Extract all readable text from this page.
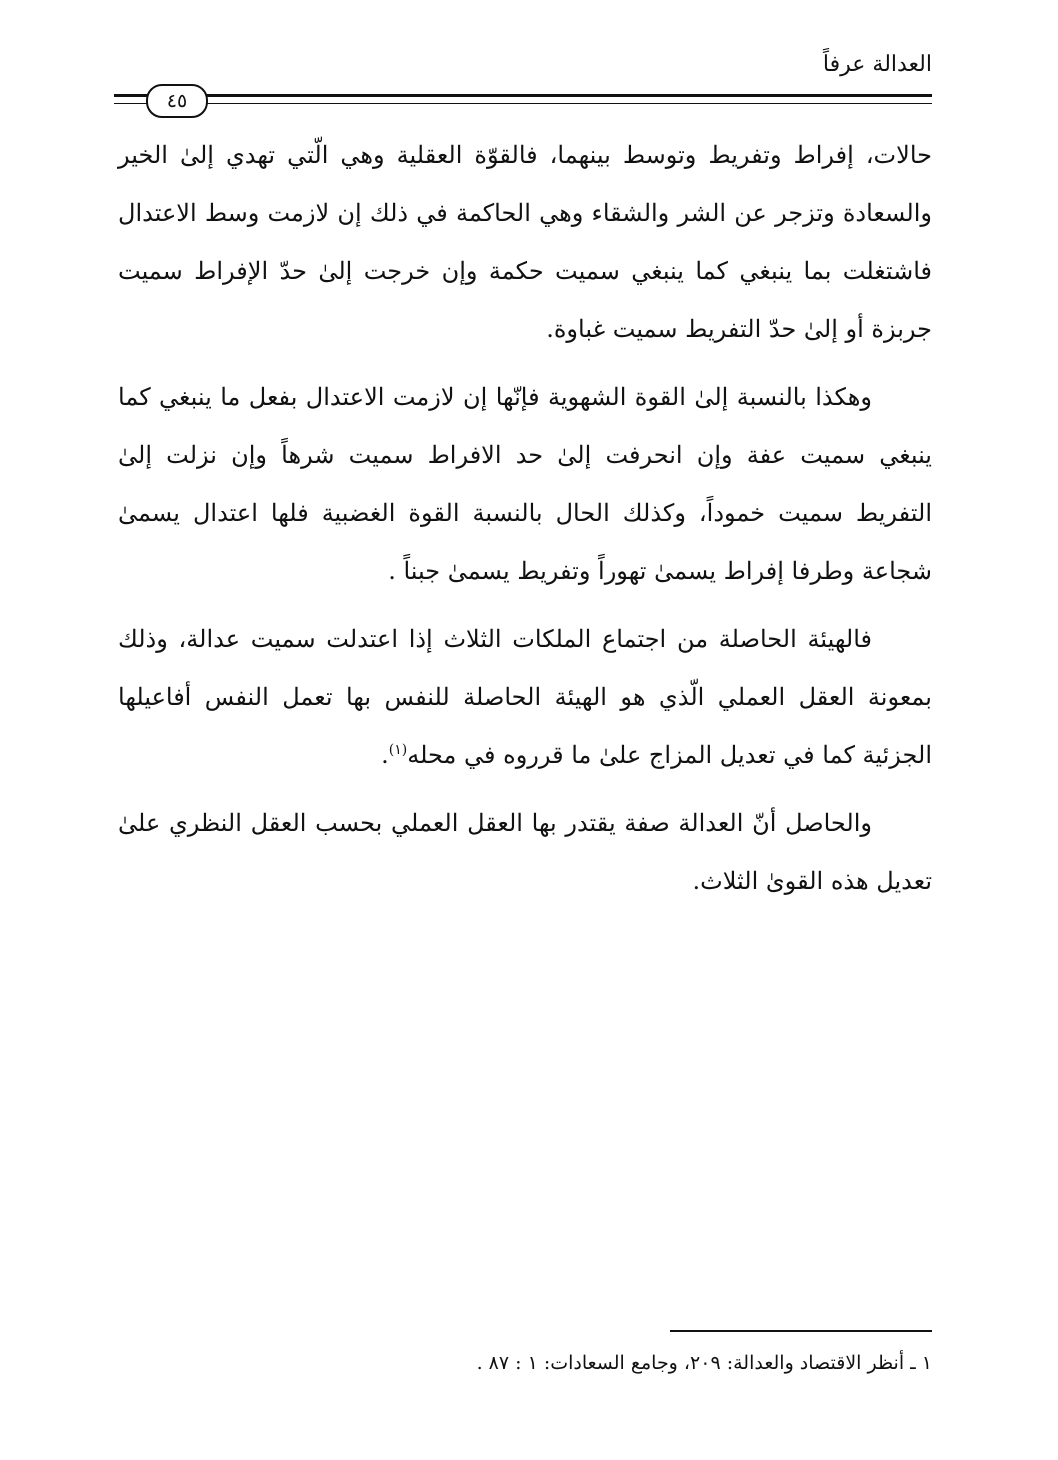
العدالة عرفاً
٤٥

حالات، إفراط وتفريط وتوسط بينهما، فالقوّة العقلية وهي الّتي تهدي إلىٰ الخير والسعادة وتزجر عن الشر والشقاء وهي الحاكمة في ذلك إن لازمت وسط الاعتدال فاشتغلت بما ينبغي كما ينبغي سميت حكمة وإن خرجت إلىٰ حدّ الإفراط سميت جربزة أو إلىٰ حدّ التفريط سميت غباوة.

وهكذا بالنسبة إلىٰ القوة الشهوية فإنّها إن لازمت الاعتدال بفعل ما ينبغي كما ينبغي سميت عفة وإن انحرفت إلىٰ حد الافراط سميت شرهاً وإن نزلت إلىٰ التفريط سميت خموداً، وكذلك الحال بالنسبة القوة الغضبية فلها اعتدال يسمىٰ شجاعة وطرفا إفراط يسمىٰ تهوراً وتفريط يسمىٰ جبناً .

فالهيئة الحاصلة من اجتماع الملكات الثلاث إذا اعتدلت سميت عدالة، وذلك بمعونة العقل العملي الّذي هو الهيئة الحاصلة للنفس بها تعمل النفس أفاعيلها الجزئية كما في تعديل المزاج علىٰ ما قرروه في محله$^{(١)}$.

والحاصل أنّ العدالة صفة يقتدر بها العقل العملي بحسب العقل النظري علىٰ تعديل هذه القوىٰ الثلاث.

١ ـ أنظر الاقتصاد والعدالة: ٢٠٩، وجامع السعادات: ١ : ٨٧ .
